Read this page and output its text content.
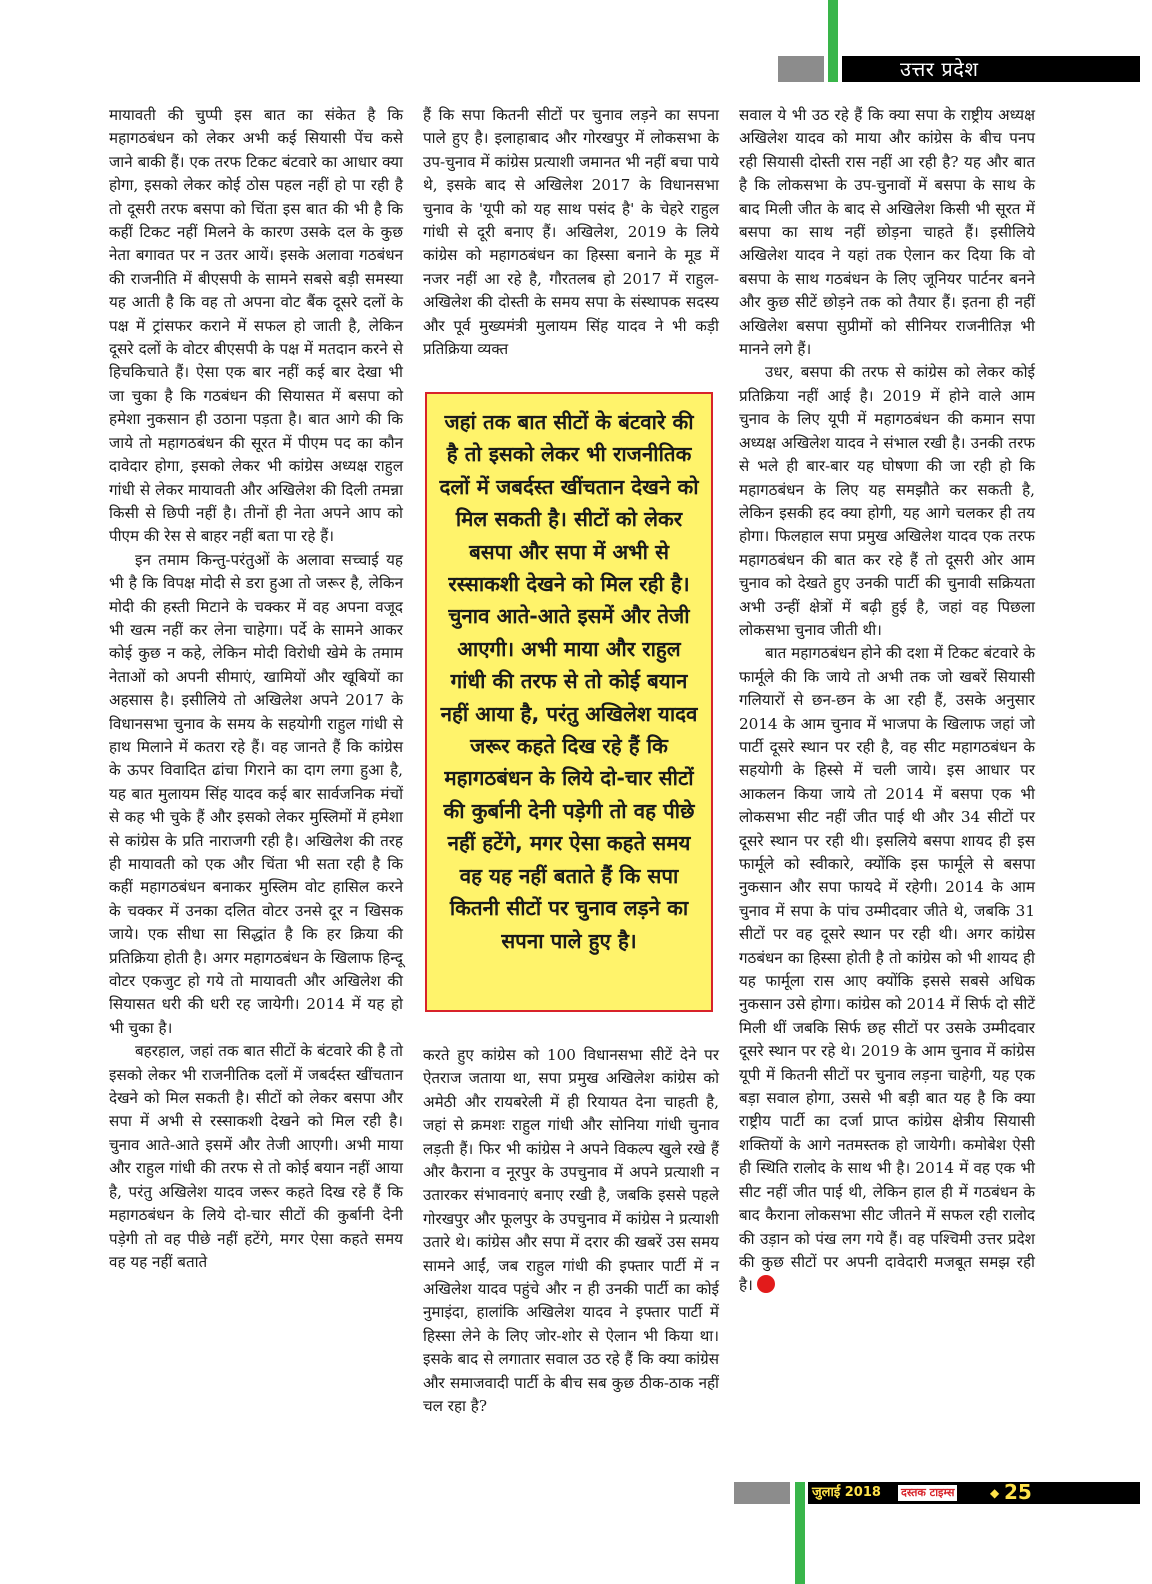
उत्तर प्रदेश

मायावती की चुप्पी इस बात का संकेत है कि महागठबंधन को लेकर अभी कई सियासी पेंच कसे जाने बाकी हैं। एक तरफ टिकट बंटवारे का आधार क्या होगा, इसको लेकर कोई ठोस पहल नहीं हो पा रही है तो दूसरी तरफ बसपा को चिंता इस बात की भी है कि कहीं टिकट नहीं मिलने के कारण उसके दल के कुछ नेता बगावत पर न उतर आयें। इसके अलावा गठबंधन की राजनीति में बीएसपी के सामने सबसे बड़ी समस्या यह आती है कि वह तो अपना वोट बैंक दूसरे दलों के पक्ष में ट्रांसफर कराने में सफल हो जाती है, लेकिन दूसरे दलों के वोटर बीएसपी के पक्ष में मतदान करने से हिचकिचाते हैं। ऐसा एक बार नहीं कई बार देखा भी जा चुका है कि गठबंधन की सियासत में बसपा को हमेशा नुकसान ही उठाना पड़ता है। बात आगे की कि जाये तो महागठबंधन की सूरत में पीएम पद का कौन दावेदार होगा, इसको लेकर भी कांग्रेस अध्यक्ष राहुल गांधी से लेकर मायावती और अखिलेश की दिली तमन्ना किसी से छिपी नहीं है। तीनों ही नेता अपने आप को पीएम की रेस से बाहर नहीं बता पा रहे हैं।

इन तमाम किन्तु-परंतुओं के अलावा सच्चाई यह भी है कि विपक्ष मोदी से डरा हुआ तो जरूर है, लेकिन मोदी की हस्ती मिटाने के चक्कर में वह अपना वजूद भी खत्म नहीं कर लेना चाहेगा। पर्दे के सामने आकर कोई कुछ न कहे, लेकिन मोदी विरोधी खेमे के तमाम नेताओं को अपनी सीमाएं, खामियों और खूबियों का अहसास है। इसीलिये तो अखिलेश अपने 2017 के विधानसभा चुनाव के समय के सहयोगी राहुल गांधी से हाथ मिलाने में कतरा रहे हैं। वह जानते हैं कि कांग्रेस के ऊपर विवादित ढांचा गिराने का दाग लगा हुआ है, यह बात मुलायम सिंह यादव कई बार सार्वजनिक मंचों से कह भी चुके हैं और इसको लेकर मुस्लिमों में हमेशा से कांग्रेस के प्रति नाराजगी रही है। अखिलेश की तरह ही मायावती को एक और चिंता भी सता रही है कि कहीं महागठबंधन बनाकर मुस्लिम वोट हासिल करने के चक्कर में उनका दलित वोटर उनसे दूर न खिसक जाये। एक सीधा सा सिद्धांत है कि हर क्रिया की प्रतिक्रिया होती है। अगर महागठबंधन के खिलाफ हिन्दू वोटर एकजुट हो गये तो मायावती और अखिलेश की सियासत धरी की धरी रह जायेगी। 2014 में यह हो भी चुका है।

बहरहाल, जहां तक बात सीटों के बंटवारे की है तो इसको लेकर भी राजनीतिक दलों में जबर्दस्त खींचतान देखने को मिल सकती है। सीटों को लेकर बसपा और सपा में अभी से रस्साकशी देखने को मिल रही है। चुनाव आते-आते इसमें और तेजी आएगी। अभी माया और राहुल गांधी की तरफ से तो कोई बयान नहीं आया है, परंतु अखिलेश यादव जरूर कहते दिख रहे हैं कि महागठबंधन के लिये दो-चार सीटों की कुर्बानी देनी पड़ेगी तो वह पीछे नहीं हटेंगे, मगर ऐसा कहते समय वह यह नहीं बताते

हैं कि सपा कितनी सीटों पर चुनाव लड़ने का सपना पाले हुए है। इलाहाबाद और गोरखपुर में लोकसभा के उप-चुनाव में कांग्रेस प्रत्याशी जमानत भी नहीं बचा पाये थे, इसके बाद से अखिलेश 2017 के विधानसभा चुनाव के 'यूपी को यह साथ पसंद है' के चेहरे राहुल गांधी से दूरी बनाए हैं। अखिलेश, 2019 के लिये कांग्रेस को महागठबंधन का हिस्सा बनाने के मूड में नजर नहीं आ रहे है, गौरतलब हो 2017 में राहुल-अखिलेश की दोस्ती के समय सपा के संस्थापक सदस्य और पूर्व मुख्यमंत्री मुलायम सिंह यादव ने भी कड़ी प्रतिक्रिया व्यक्त

जहां तक बात सीटों के बंटवारे की है तो इसको लेकर भी राजनीतिक दलों में जबर्दस्त खींचतान देखने को मिल सकती है। सीटों को लेकर बसपा और सपा में अभी से रस्साकशी देखने को मिल रही है। चुनाव आते-आते इसमें और तेजी आएगी। अभी माया और राहुल गांधी की तरफ से तो कोई बयान नहीं आया है, परंतु अखिलेश यादव जरूर कहते दिख रहे हैं कि महागठबंधन के लिये दो-चार सीटों की कुर्बानी देनी पड़ेगी तो वह पीछे नहीं हटेंगे, मगर ऐसा कहते समय वह यह नहीं बताते हैं कि सपा कितनी सीटों पर चुनाव लड़ने का सपना पाले हुए है।

करते हुए कांग्रेस को 100 विधानसभा सीटें देने पर ऐतराज जताया था, सपा प्रमुख अखिलेश कांग्रेस को अमेठी और रायबरेली में ही रियायत देना चाहती है, जहां से क्रमशः राहुल गांधी और सोनिया गांधी चुनाव लड़ती हैं। फिर भी कांग्रेस ने अपने विकल्प खुले रखे हैं और कैराना व नूरपुर के उपचुनाव में अपने प्रत्याशी न उतारकर संभावनाएं बनाए रखी है, जबकि इससे पहले गोरखपुर और फूलपुर के उपचुनाव में कांग्रेस ने प्रत्याशी उतारे थे। कांग्रेस और सपा में दरार की खबरें उस समय सामने आईं, जब राहुल गांधी की इफ्तार पार्टी में न अखिलेश यादव पहुंचे और न ही उनकी पार्टी का कोई नुमाइंदा, हालांकि अखिलेश यादव ने इफ्तार पार्टी में हिस्सा लेने के लिए जोर-शोर से ऐलान भी किया था। इसके बाद से लगातार सवाल उठ रहे हैं कि क्या कांग्रेस और समाजवादी पार्टी के बीच सब कुछ ठीक-ठाक नहीं चल रहा है?

सवाल ये भी उठ रहे हैं कि क्या सपा के राष्ट्रीय अध्यक्ष अखिलेश यादव को माया और कांग्रेस के बीच पनप रही सियासी दोस्ती रास नहीं आ रही है? यह और बात है कि लोकसभा के उप-चुनावों में बसपा के साथ के बाद मिली जीत के बाद से अखिलेश किसी भी सूरत में बसपा का साथ नहीं छोड़ना चाहते हैं। इसीलिये अखिलेश यादव ने यहां तक ऐलान कर दिया कि वो बसपा के साथ गठबंधन के लिए जूनियर पार्टनर बनने और कुछ सीटें छोड़ने तक को तैयार हैं। इतना ही नहीं अखिलेश बसपा सुप्रीमों को सीनियर राजनीतिज्ञ भी मानने लगे हैं।

उधर, बसपा की तरफ से कांग्रेस को लेकर कोई प्रतिक्रिया नहीं आई है। 2019 में होने वाले आम चुनाव के लिए यूपी में महागठबंधन की कमान सपा अध्यक्ष अखिलेश यादव ने संभाल रखी है। उनकी तरफ से भले ही बार-बार यह घोषणा की जा रही हो कि महागठबंधन के लिए यह समझौते कर सकती है, लेकिन इसकी हद क्या होगी, यह आगे चलकर ही तय होगा। फिलहाल सपा प्रमुख अखिलेश यादव एक तरफ महागठबंधन की बात कर रहे हैं तो दूसरी ओर आम चुनाव को देखते हुए उनकी पार्टी की चुनावी सक्रियता अभी उन्हीं क्षेत्रों में बढ़ी हुई है, जहां वह पिछला लोकसभा चुनाव जीती थी।

बात महागठबंधन होने की दशा में टिकट बंटवारे के फार्मूले की कि जाये तो अभी तक जो खबरें सियासी गलियारों से छन-छन के आ रही हैं, उसके अनुसार 2014 के आम चुनाव में भाजपा के खिलाफ जहां जो पार्टी दूसरे स्थान पर रही है, वह सीट महागठबंधन के सहयोगी के हिस्से में चली जाये। इस आधार पर आकलन किया जाये तो 2014 में बसपा एक भी लोकसभा सीट नहीं जीत पाई थी और 34 सीटों पर दूसरे स्थान पर रही थी। इसलिये बसपा शायद ही इस फार्मूले को स्वीकारे, क्योंकि इस फार्मूले से बसपा नुकसान और सपा फायदे में रहेगी। 2014 के आम चुनाव में सपा के पांच उम्मीदवार जीते थे, जबकि 31 सीटों पर वह दूसरे स्थान पर रही थी। अगर कांग्रेस गठबंधन का हिस्सा होती है तो कांग्रेस को भी शायद ही यह फार्मूला रास आए क्योंकि इससे सबसे अधिक नुकसान उसे होगा। कांग्रेस को 2014 में सिर्फ दो सीटें मिली थीं जबकि सिर्फ छह सीटों पर उसके उम्मीदवार दूसरे स्थान पर रहे थे। 2019 के आम चुनाव में कांग्रेस यूपी में कितनी सीटों पर चुनाव लड़ना चाहेगी, यह एक बड़ा सवाल होगा, उससे भी बड़ी बात यह है कि क्या राष्ट्रीय पार्टी का दर्जा प्राप्त कांग्रेस क्षेत्रीय सियासी शक्तियों के आगे नतमस्तक हो जायेगी। कमोबेश ऐसी ही स्थिति रालोद के साथ भी है। 2014 में वह एक भी सीट नहीं जीत पाई थी, लेकिन हाल ही में गठबंधन के बाद कैराना लोकसभा सीट जीतने में सफल रही रालोद की उड़ान को पंख लग गये हैं। वह पश्चिमी उत्तर प्रदेश की कुछ सीटों पर अपनी दावेदारी मजबूत समझ रही है।

जुलाई 2018 दस्तक टाइम्स	◆ 25
